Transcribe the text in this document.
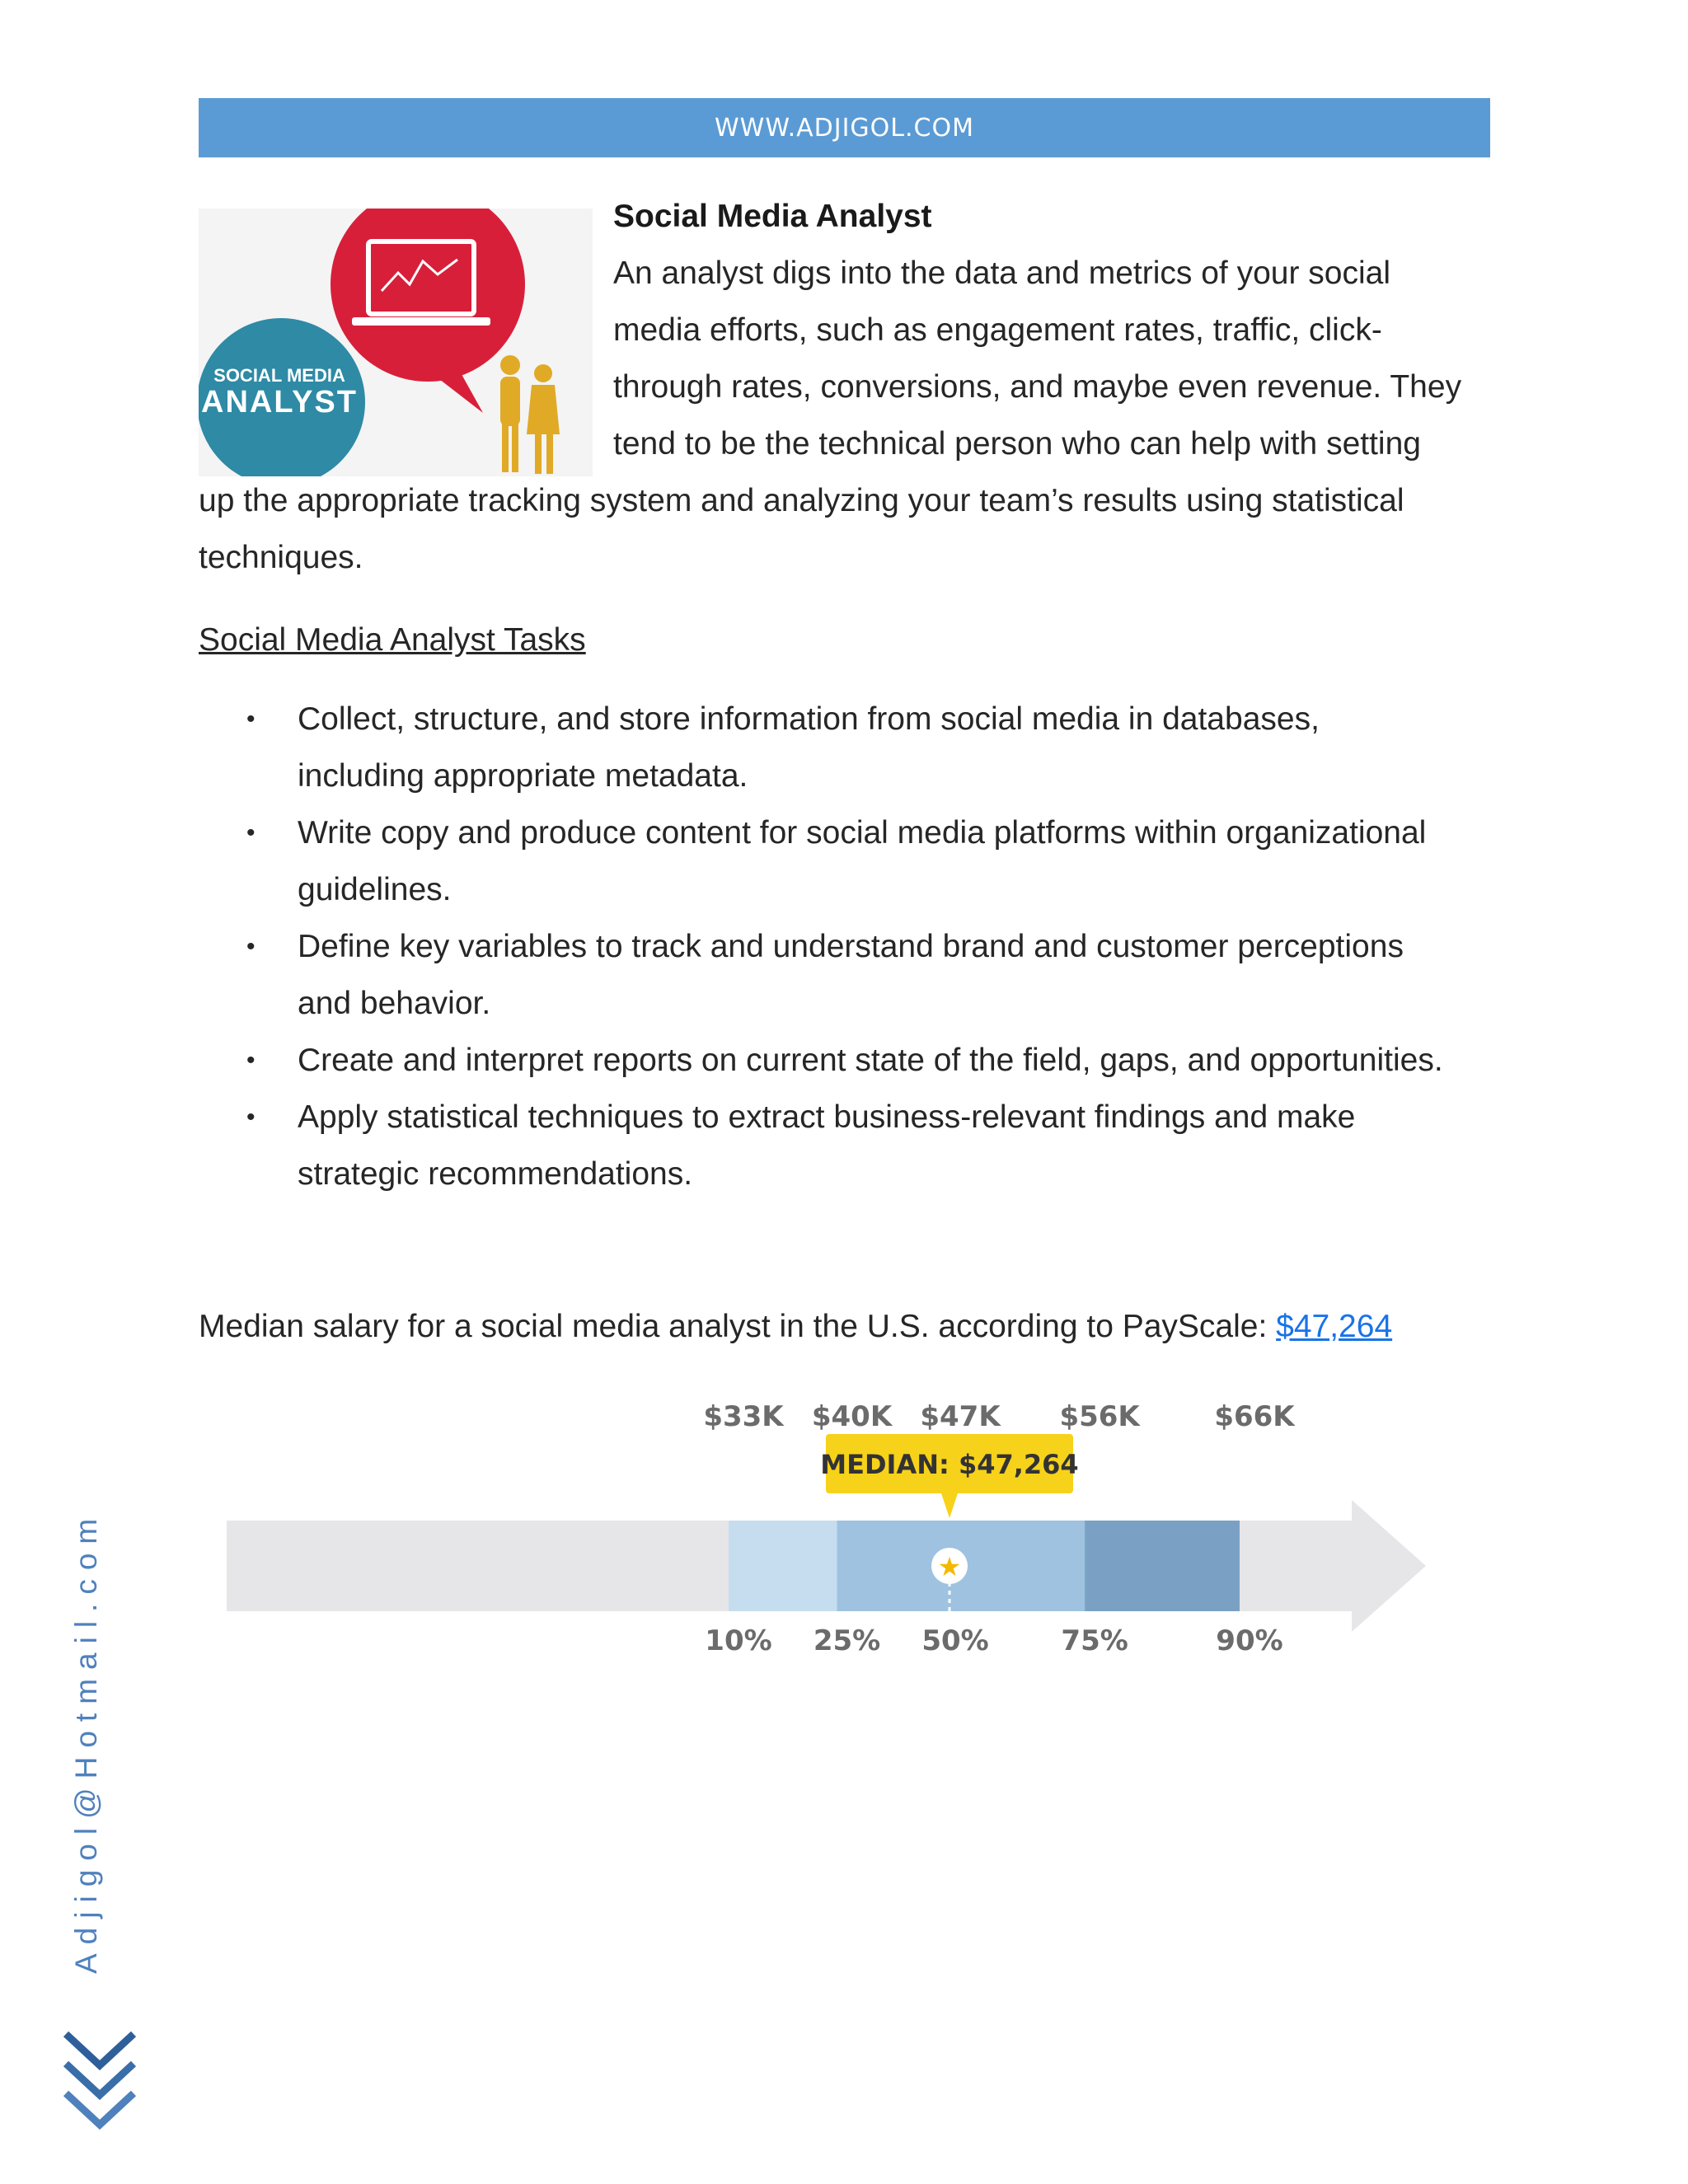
WWW.ADJIGOL.COM
SOCIAL MEDIA
ANALYST
Social Media Analyst
An analyst digs into the data and metrics of your social
media efforts, such as engagement rates, traffic, click-
through rates, conversions, and maybe even revenue. They
tend to be the technical person who can help with setting
up the appropriate tracking system and analyzing your team’s results using statistical
techniques.
Social Media Analyst Tasks
• Collect, structure, and store information from social media in databases,
including appropriate metadata.
• Write copy and produce content for social media platforms within organizational
guidelines.
• Define key variables to track and understand brand and customer perceptions
and behavior.
• Create and interpret reports on current state of the field, gaps, and opportunities.
• Apply statistical techniques to extract business-relevant findings and make
strategic recommendations.
Median salary for a social media analyst in the U.S. according to PayScale: $47,264
$33K
10%
$40K
25%
$47K
50%
$56K
75%
$66K
90%
MEDIAN: $47,264
★
Adjigol@Hotmail.com
